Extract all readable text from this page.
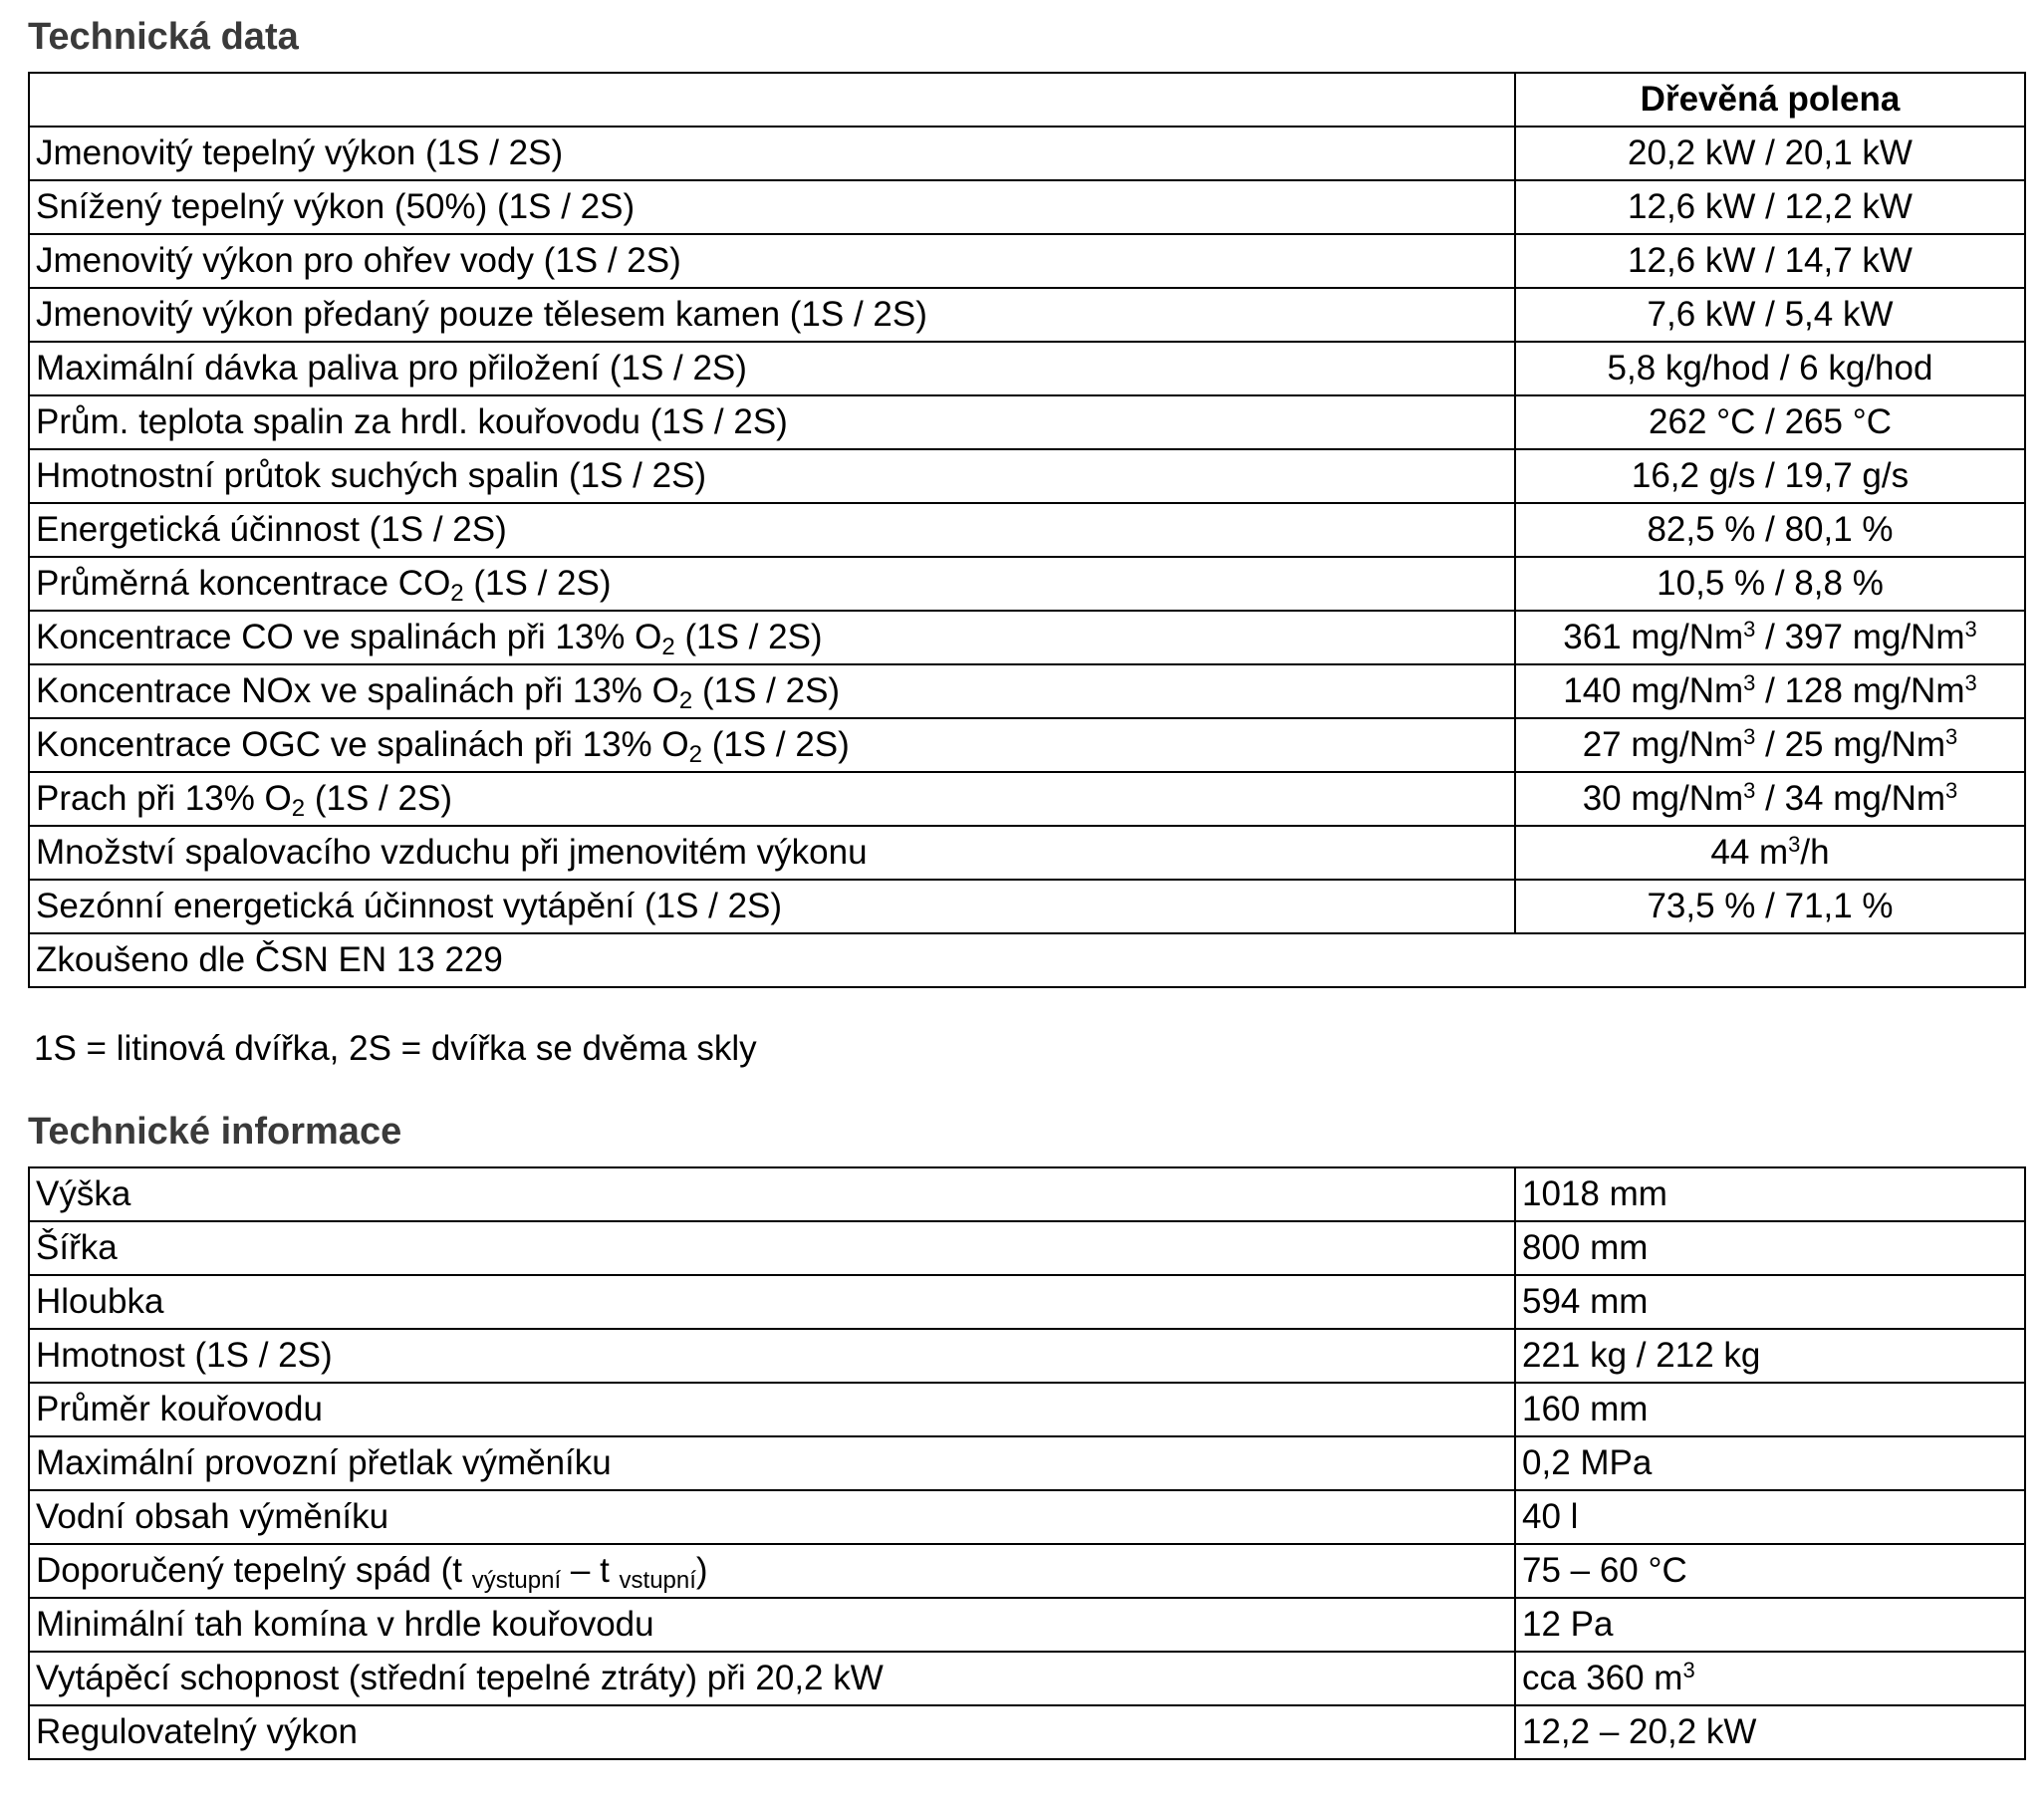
Technická data
	Dřevěná polena
Jmenovitý tepelný výkon (1S / 2S)	20,2 kW / 20,1 kW
Snížený tepelný výkon (50%) (1S / 2S)	12,6 kW / 12,2 kW
Jmenovitý výkon pro ohřev vody (1S / 2S)	12,6 kW / 14,7 kW
Jmenovitý výkon předaný pouze tělesem kamen (1S / 2S)	7,6 kW / 5,4 kW
Maximální dávka paliva pro přiložení (1S / 2S)	5,8 kg/hod / 6 kg/hod
Prům. teplota spalin za hrdl. kouřovodu (1S / 2S)	262 °C / 265 °C
Hmotnostní průtok suchých spalin (1S / 2S)	16,2 g/s / 19,7 g/s
Energetická účinnost (1S / 2S)	82,5 % / 80,1 %
Průměrná koncentrace $CO_2$ (1S / 2S)	10,5 % / 8,8 %
Koncentrace CO ve spalinách při 13% $O_2$ (1S / 2S)	361 mg/Nm$^3$ / 397 mg/Nm$^3$
Koncentrace NOx ve spalinách při 13% $O_2$ (1S / 2S)	140 mg/Nm$^3$ / 128 mg/Nm$^3$
Koncentrace OGC ve spalinách při 13% $O_2$ (1S / 2S)	27 mg/Nm$^3$ / 25 mg/Nm$^3$
Prach při 13% $O_2$ (1S / 2S)	30 mg/Nm$^3$ / 34 mg/Nm$^3$
Množství spalovacího vzduchu při jmenovitém výkonu	44 $m^3/h$
Sezónní energetická účinnost vytápění (1S / 2S)	73,5 % / 71,1 %
Zkoušeno dle ČSN EN 13 229	
1S = litinová dvířka, 2S = dvířka se dvěma skly
Technické informace
Výška	1018 mm
Šířka	800 mm
Hloubka	594 mm
Hmotnost (1S / 2S)	221 kg / 212 kg
Průměr kouřovodu	160 mm
Maximální provozní přetlak výměníku	0,2 MPa
Vodní obsah výměníku	40 l
Doporučený tepelný spád (t $_{výstupní}$ – t $_{vstupní}$)	75 – 60 °C
Minimální tah komína v hrdle kouřovodu	12 Pa
Vytápěcí schopnost (střední tepelné ztráty) při 20,2 kW	cca 360 $m^3$
Regulovatelný výkon	12,2 – 20,2 kW
